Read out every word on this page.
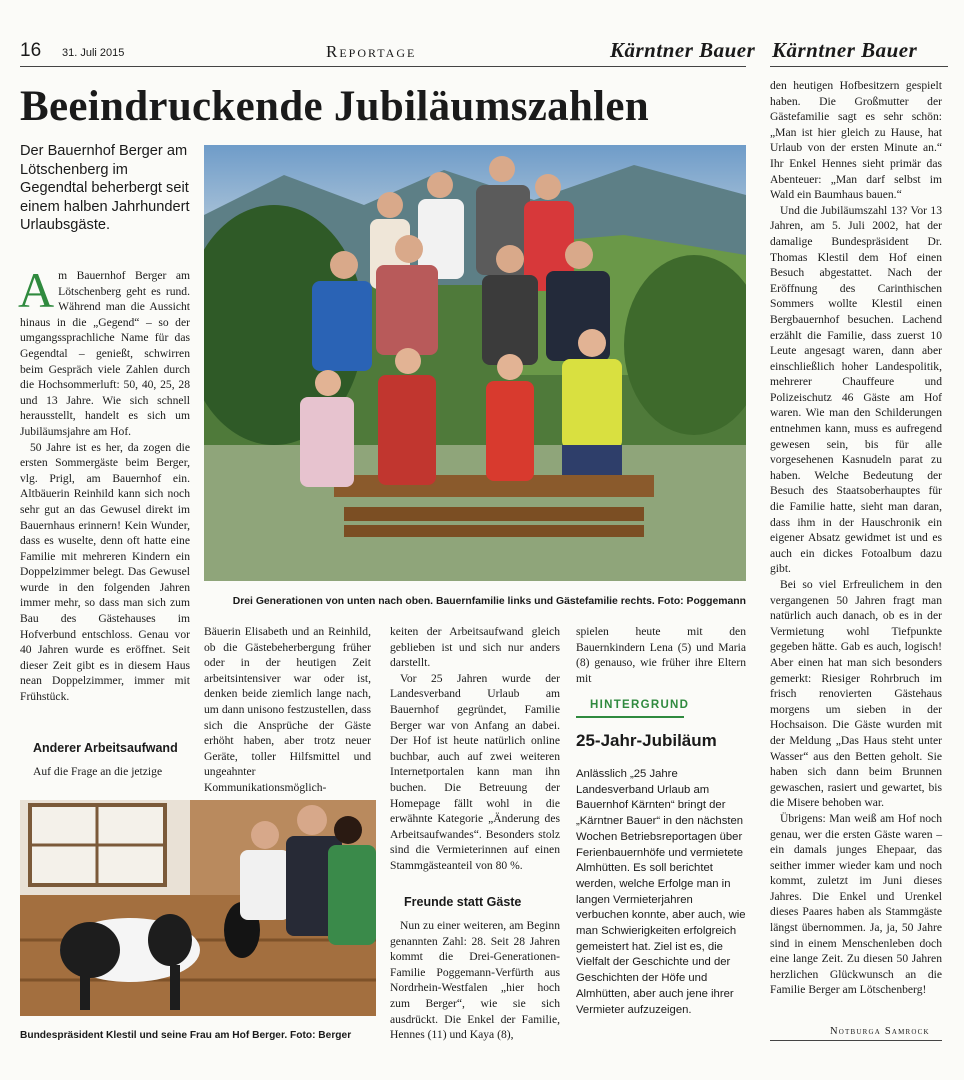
16 31. Juli 2015	Reportage	Kärntner Bauer Kärntner Bauer
Beeindruckende Jubiläumszahlen
Der Bauernhof Berger am Lötschenberg im Gegendtal beherbergt seit einem halben Jahrhundert Urlaubsgäste.

Am Bauernhof Berger am Lötschenberg geht es rund. Während man die Aussicht hinaus in die „Gegend“ – so der umgangssprachliche Name für das Gegendtal – genießt, schwirren beim Gespräch viele Zahlen durch die Hochsommerluft: 50, 40, 25, 28 und 13 Jahre. Wie sich schnell herausstellt, handelt es sich um Jubiläumsjahre am Hof.

50 Jahre ist es her, da zogen die ersten Sommergäste beim Berger, vlg. Prigl, am Bauernhof ein. Altbäuerin Reinhild kann sich noch sehr gut an das Gewusel direkt im Bauernhaus erinnern! Kein Wunder, dass es wuselte, denn oft hatte eine Familie mit mehreren Kindern ein Doppelzimmer belegt. Das Gewusel wurde in den folgenden Jahren immer mehr, so dass man sich zum Bau des Gästehauses im Hofverbund entschloss. Genau vor 40 Jahren wurde es eröffnet. Seit dieser Zeit gibt es in diesem Haus nean Doppelzimmer, immer mit Frühstück.

Anderer Arbeitsaufwand

Auf die Frage an die jetzige

Drei Generationen von unten nach oben. Bauernfamilie links und Gästefamilie rechts. Foto: Poggemann

Bäuerin Elisabeth und an Reinhild, ob die Gästebeherbergung früher oder in der heutigen Zeit arbeitsintensiver war oder ist, denken beide ziemlich lange nach, um dann unisono festzustellen, dass sich die Ansprüche der Gäste erhöht haben, aber trotz neuer Geräte, toller Hilfsmittel und ungeahnter Kommunikationsmöglich-

keiten der Arbeitsaufwand gleich geblieben ist und sich nur anders darstellt.

Vor 25 Jahren wurde der Landesverband Urlaub am Bauernhof gegründet, Familie Berger war von Anfang an dabei. Der Hof ist heute natürlich online buchbar, auch auf zwei weiteren Internetportalen kann man ihn buchen. Die Betreuung der Homepage fällt wohl in die erwähnte Kategorie „Änderung des Arbeitsaufwandes“. Besonders stolz sind die Vermieterinnen auf einen Stammgästeanteil von 80 %.

Freunde statt Gäste

Nun zu einer weiteren, am Beginn genannten Zahl: 28. Seit 28 Jahren kommt die Drei-Generationen-Familie Poggemann-Verfürth aus Nordrhein-Westfalen „hier hoch zum Berger“, wie sie sich ausdrückt. Die Enkel der Familie, Hennes (11) und Kaya (8),

spielen heute mit den Bauernkindern Lena (5) und Maria (8) genauso, wie früher ihre Eltern mit

HINTERGRUND
25-Jahr-Jubiläum
Anlässlich „25 Jahre Landesverband Urlaub am Bauernhof Kärnten“ bringt der „Kärntner Bauer“ in den nächsten Wochen Betriebsreportagen über Ferienbauernhöfe und vermietete Almhütten. Es soll berichtet werden, welche Erfolge man in langen Vermieterjahren verbuchen konnte, aber auch, wie man Schwierigkeiten erfolgreich gemeistert hat. Ziel ist es, die Vielfalt der Geschichte und der Geschichten der Höfe und Almhütten, aber auch jene ihrer Vermieter aufzuzeigen.
Bundespräsident Klestil und seine Frau am Hof Berger. Foto: Berger

den heutigen Hofbesitzern gespielt haben. Die Großmutter der Gästefamilie sagt es sehr schön: „Man ist hier gleich zu Hause, hat Urlaub von der ersten Minute an.“ Ihr Enkel Hennes sieht primär das Abenteuer: „Man darf selbst im Wald ein Baumhaus bauen.“

Und die Jubiläumszahl 13? Vor 13 Jahren, am 5. Juli 2002, hat der damalige Bundespräsident Dr. Thomas Klestil dem Hof einen Besuch abgestattet. Nach der Eröffnung des Carinthischen Sommers wollte Klestil einen Bergbauernhof besuchen. Lachend erzählt die Familie, dass zuerst 10 Leute angesagt waren, dann aber einschließlich hoher Landespolitik, mehrerer Chauffeure und Polizeischutz 46 Gäste am Hof waren. Wie man den Schilderungen entnehmen kann, muss es aufregend gewesen sein, bis für alle vorgesehenen Kasnudeln parat zu haben. Welche Bedeutung der Besuch des Staatsoberhauptes für die Familie hatte, sieht man daran, dass ihm in der Hauschronik ein eigener Absatz gewidmet ist und es auch ein dickes Fotoalbum dazu gibt.

Bei so viel Erfreulichem in den vergangenen 50 Jahren fragt man natürlich auch danach, ob es in der Vermietung wohl Tiefpunkte gegeben hätte. Gab es auch, logisch! Aber einen hat man sich besonders gemerkt: Riesiger Rohrbruch im frisch renovierten Gästehaus morgens um sieben in der Hochsaison. Die Gäste wurden mit der Meldung „Das Haus steht unter Wasser“ aus den Betten geholt. Sie haben sich dann beim Brunnen gewaschen, rasiert und gewartet, bis die Misere behoben war.

Übrigens: Man weiß am Hof noch genau, wer die ersten Gäste waren – ein damals junges Ehepaar, das seither immer wieder kam und noch kommt, zuletzt im Juni dieses Jahres. Die Enkel und Urenkel dieses Paares haben als Stammgäste längst übernommen. Ja, ja, 50 Jahre sind in einem Menschenleben doch eine lange Zeit. Zu diesen 50 Jahren herzlichen Glückwunsch an die Familie Berger am Lötschenberg!

Notburga Samrock
